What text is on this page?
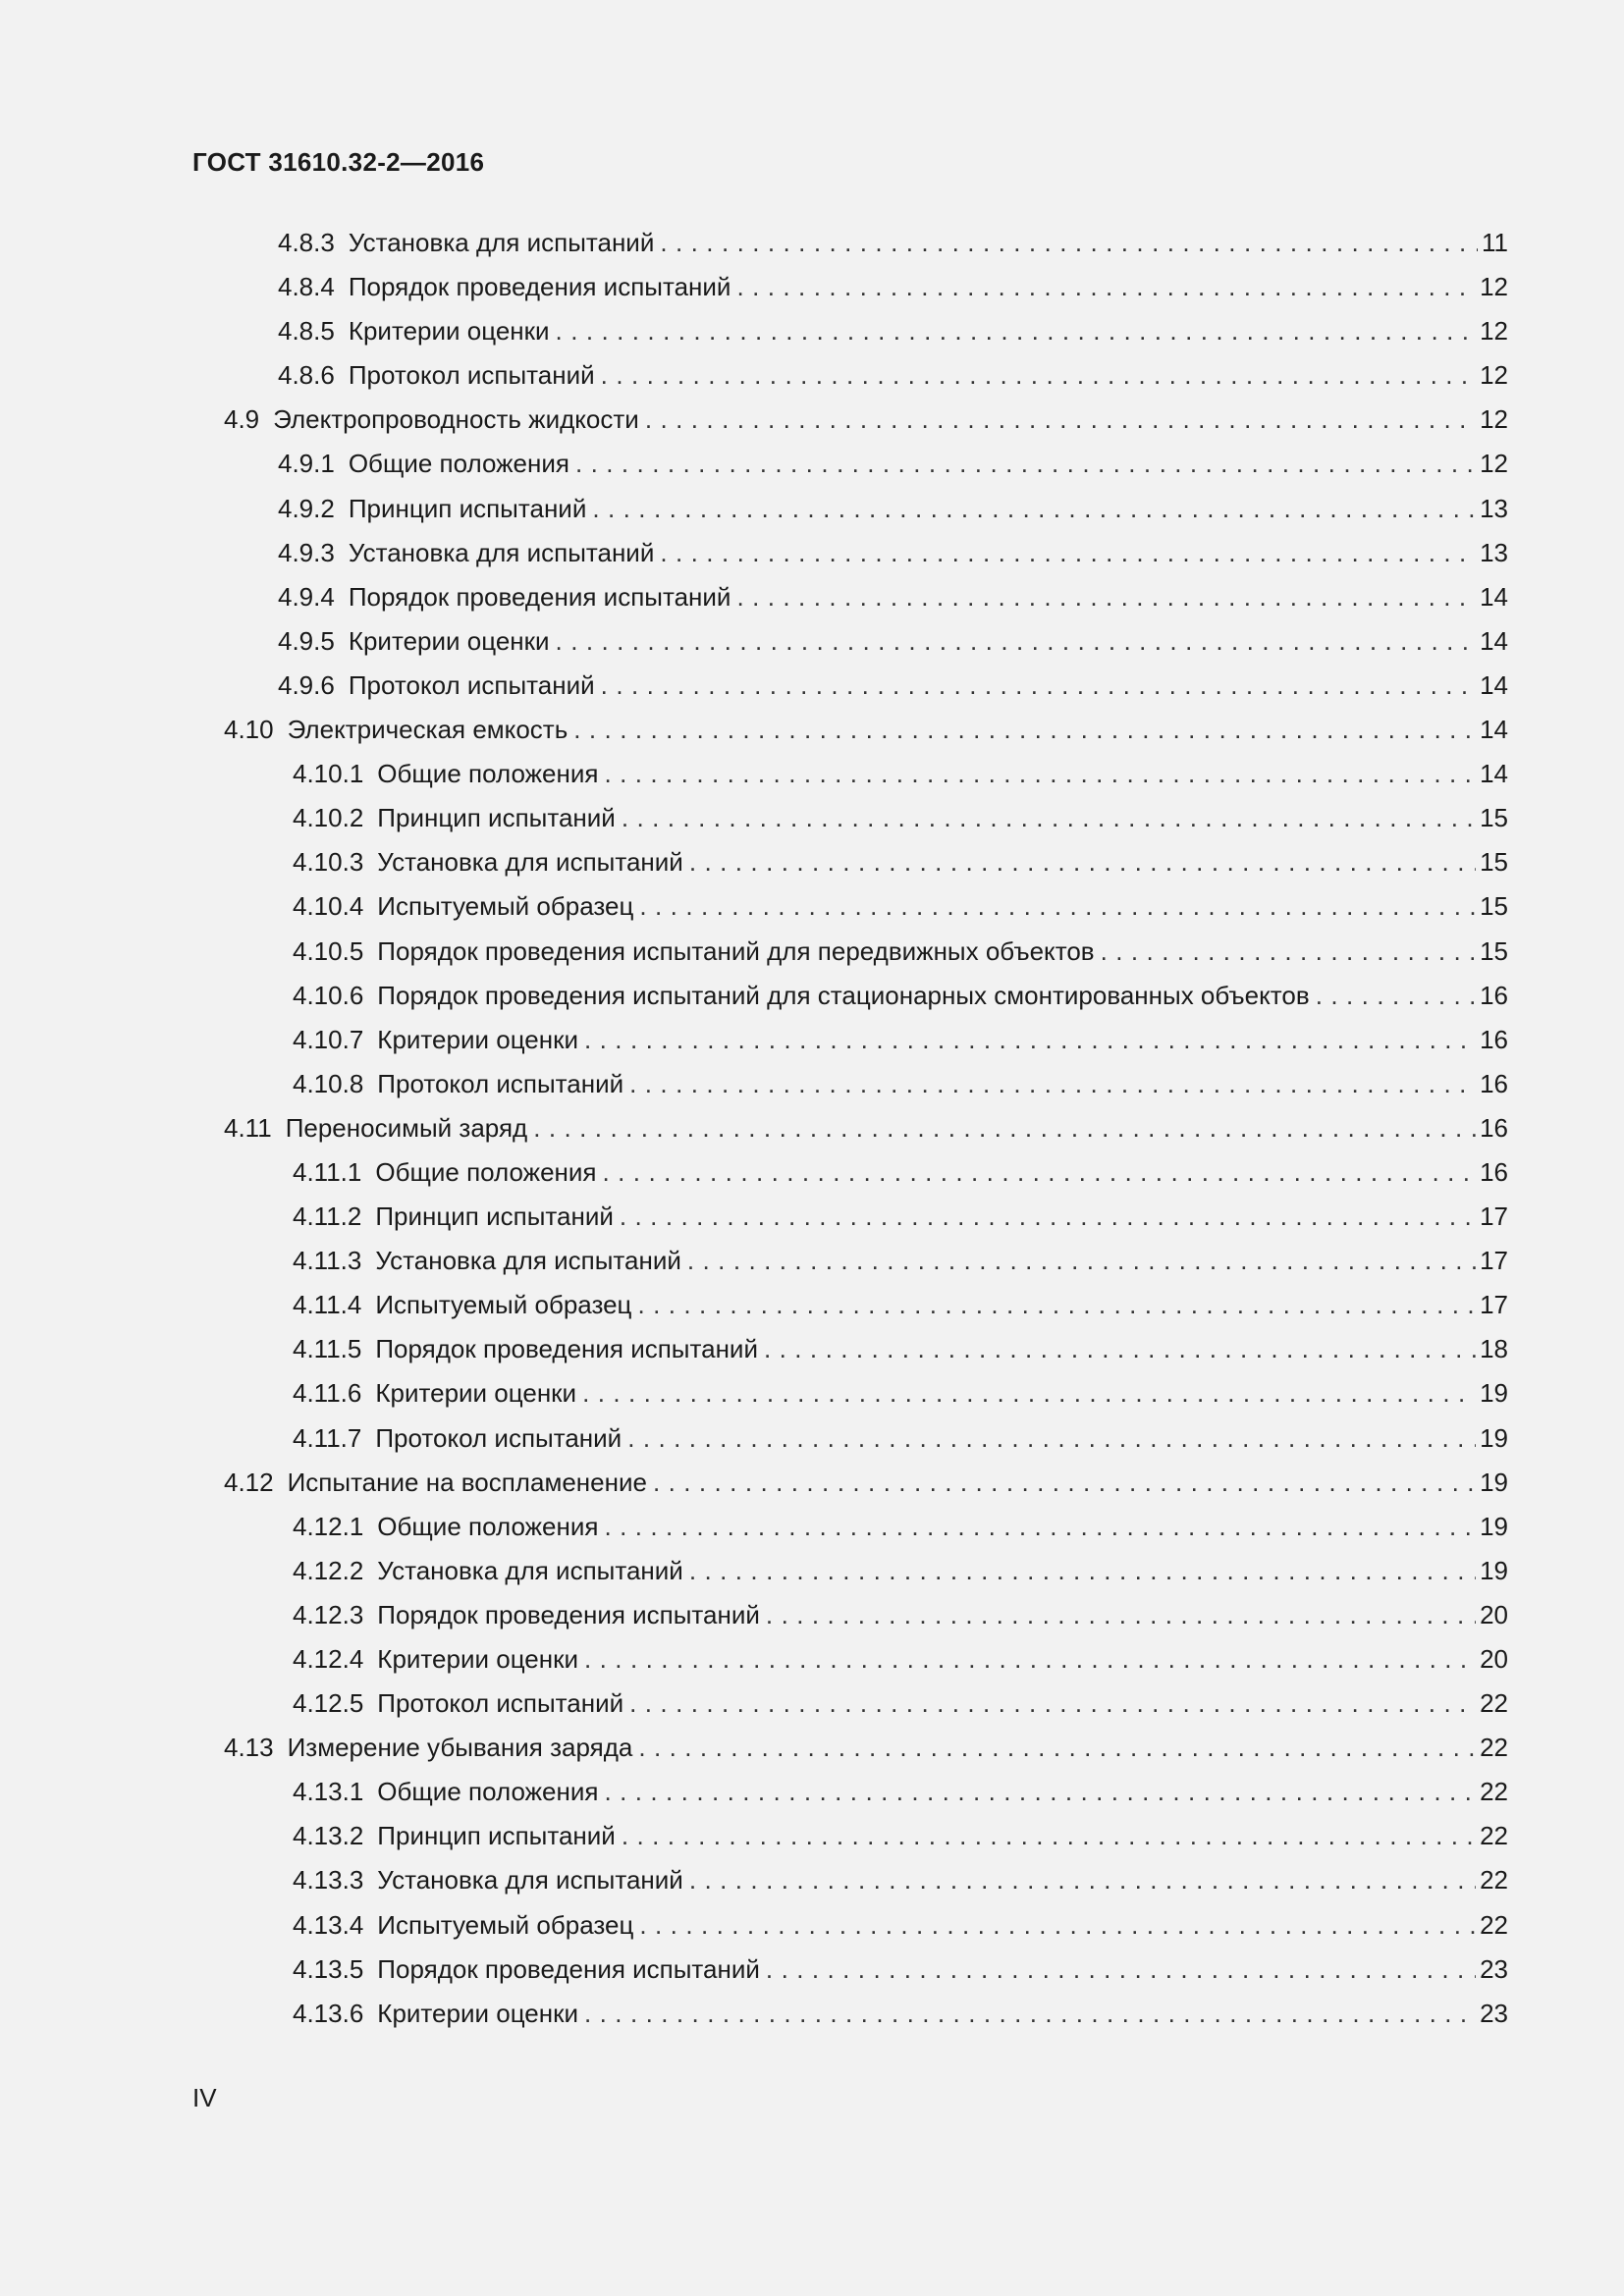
ГОСТ 31610.32-2—2016
4.8.3 Установка для испытаний . . .	11
4.8.4 Порядок проведения испытаний . . .	12
4.8.5 Критерии оценки . . .	12
4.8.6 Протокол испытаний . . .	12
4.9 Электропроводность жидкости . . .	12
4.9.1 Общие положения . . .	12
4.9.2 Принцип испытаний . . .	13
4.9.3 Установка для испытаний . . .	13
4.9.4 Порядок проведения испытаний . . .	14
4.9.5 Критерии оценки . . .	14
4.9.6 Протокол испытаний . . .	14
4.10 Электрическая емкость . . .	14
4.10.1 Общие положения . . .	14
4.10.2 Принцип испытаний . . .	15
4.10.3 Установка для испытаний . . .	15
4.10.4 Испытуемый образец . . .	15
4.10.5 Порядок проведения испытаний для передвижных объектов . . .	15
4.10.6 Порядок проведения испытаний для стационарных смонтированных объектов . . .	16
4.10.7 Критерии оценки . . .	16
4.10.8 Протокол испытаний . . .	16
4.11 Переносимый заряд . . .	16
4.11.1 Общие положения . . .	16
4.11.2 Принцип испытаний . . .	17
4.11.3 Установка для испытаний . . .	17
4.11.4 Испытуемый образец . . .	17
4.11.5 Порядок проведения испытаний . . .	18
4.11.6 Критерии оценки . . .	19
4.11.7 Протокол испытаний . . .	19
4.12 Испытание на воспламенение . . .	19
4.12.1 Общие положения . . .	19
4.12.2 Установка для испытаний . . .	19
4.12.3 Порядок проведения испытаний . . .	20
4.12.4 Критерии оценки . . .	20
4.12.5 Протокол испытаний . . .	22
4.13 Измерение убывания заряда . . .	22
4.13.1 Общие положения . . .	22
4.13.2 Принцип испытаний . . .	22
4.13.3 Установка для испытаний . . .	22
4.13.4 Испытуемый образец . . .	22
4.13.5 Порядок проведения испытаний . . .	23
4.13.6 Критерии оценки . . .	23
IV
